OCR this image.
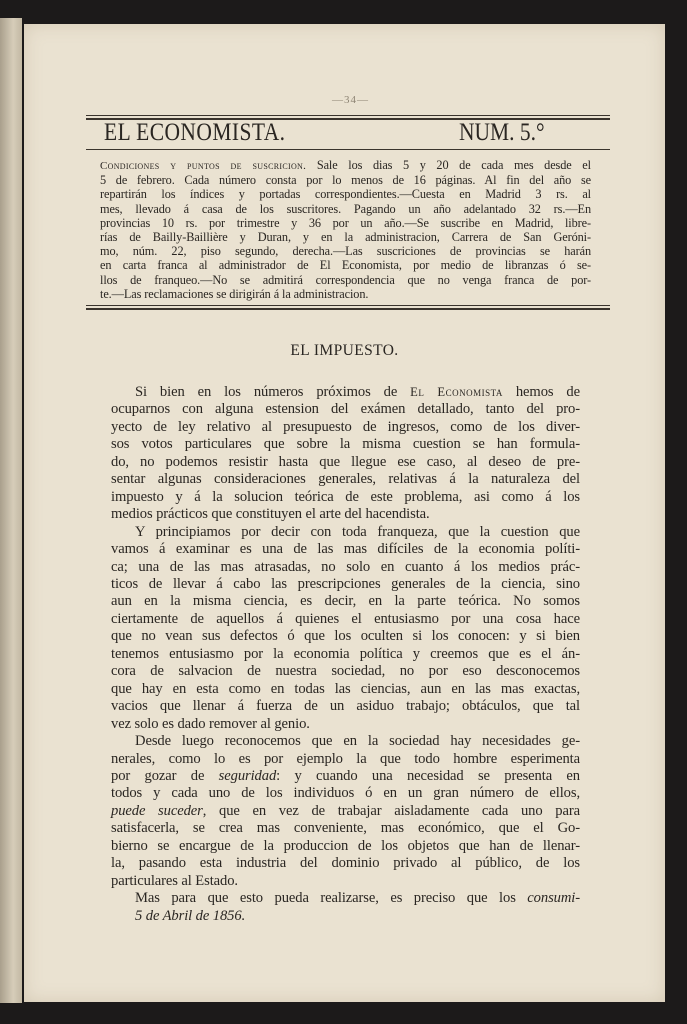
—34—
EL ECONOMISTA.	NUM. 5.°
Condiciones y puntos de suscricion. Sale los dias 5 y 20 de cada mes desde el
5 de febrero. Cada número consta por lo menos de 16 páginas. Al fin del año se
repartirán los índices y portadas correspondientes.—Cuesta en Madrid 3 rs. al
mes, llevado á casa de los suscritores. Pagando un año adelantado 32 rs.—En
provincias 10 rs. por trimestre y 36 por un año.—Se suscribe en Madrid, libre-
rías de Bailly-Baillière y Duran, y en la administracion, Carrera de San Geróni-
mo, núm. 22, piso segundo, derecha.—Las suscriciones de provincias se harán
en carta franca al administrador de El Economista, por medio de libranzas ó se-
llos de franqueo.—No se admitirá correspondencia que no venga franca de por-
te.—Las reclamaciones se dirigirán á la administracion.
EL IMPUESTO.
Si bien en los números próximos de El Economista hemos de
ocuparnos con alguna estension del exámen detallado, tanto del pro-
yecto de ley relativo al presupuesto de ingresos, como de los diver-
sos votos particulares que sobre la misma cuestion se han formula-
do, no podemos resistir hasta que llegue ese caso, al deseo de pre-
sentar algunas consideraciones generales, relativas á la naturaleza del
impuesto y á la solucion teórica de este problema, asi como á los
medios prácticos que constituyen el arte del hacendista.
Y principiamos por decir con toda franqueza, que la cuestion que
vamos á examinar es una de las mas difíciles de la economia políti-
ca; una de las mas atrasadas, no solo en cuanto á los medios prác-
ticos de llevar á cabo las prescripciones generales de la ciencia, sino
aun en la misma ciencia, es decir, en la parte teórica. No somos
ciertamente de aquellos á quienes el entusiasmo por una cosa hace
que no vean sus defectos ó que los oculten si los conocen: y si bien
tenemos entusiasmo por la economia política y creemos que es el án-
cora de salvacion de nuestra sociedad, no por eso desconocemos
que hay en esta como en todas las ciencias, aun en las mas exactas,
vacios que llenar á fuerza de un asiduo trabajo; obtáculos, que tal
vez solo es dado remover al genio.
Desde luego reconocemos que en la sociedad hay necesidades ge-
nerales, como lo es por ejemplo la que todo hombre esperimenta
por gozar de seguridad: y cuando una necesidad se presenta en
todos y cada uno de los individuos ó en un gran número de ellos,
puede suceder, que en vez de trabajar aisladamente cada uno para
satisfacerla, se crea mas conveniente, mas económico, que el Go-
bierno se encargue de la produccion de los objetos que han de llenar-
la, pasando esta industria del dominio privado al público, de los
particulares al Estado.
Mas para que esto pueda realizarse, es preciso que los consumi-
5 de Abril de 1856.
